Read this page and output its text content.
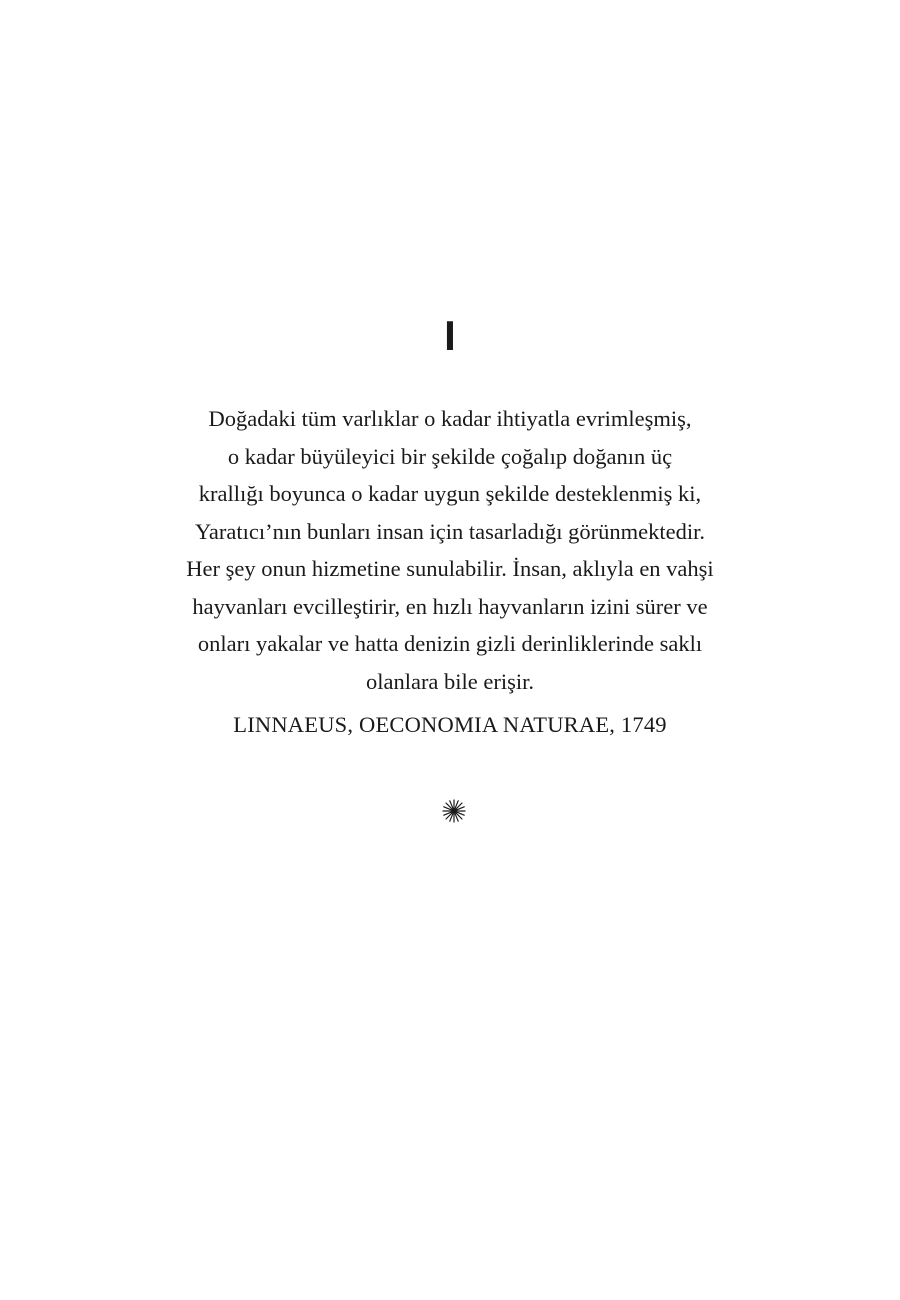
I
Doğadaki tüm varlıklar o kadar ihtiyatla evrimleşmiş,
o kadar büyüleyici bir şekilde çoğalıp doğanın üç
krallığı boyunca o kadar uygun şekilde desteklenmiş ki,
Yaratıcı’nın bunları insan için tasarladığı görünmektedir.
Her şey onun hizmetine sunulabilir. İnsan, aklıyla en vahşi
hayvanları evcilleştirir, en hızlı hayvanların izini sürer ve
onları yakalar ve hatta denizin gizli derinliklerinde saklı
olanlara bile erişir.
LINNAEUS, OECONOMIA NATURAE, 1749
